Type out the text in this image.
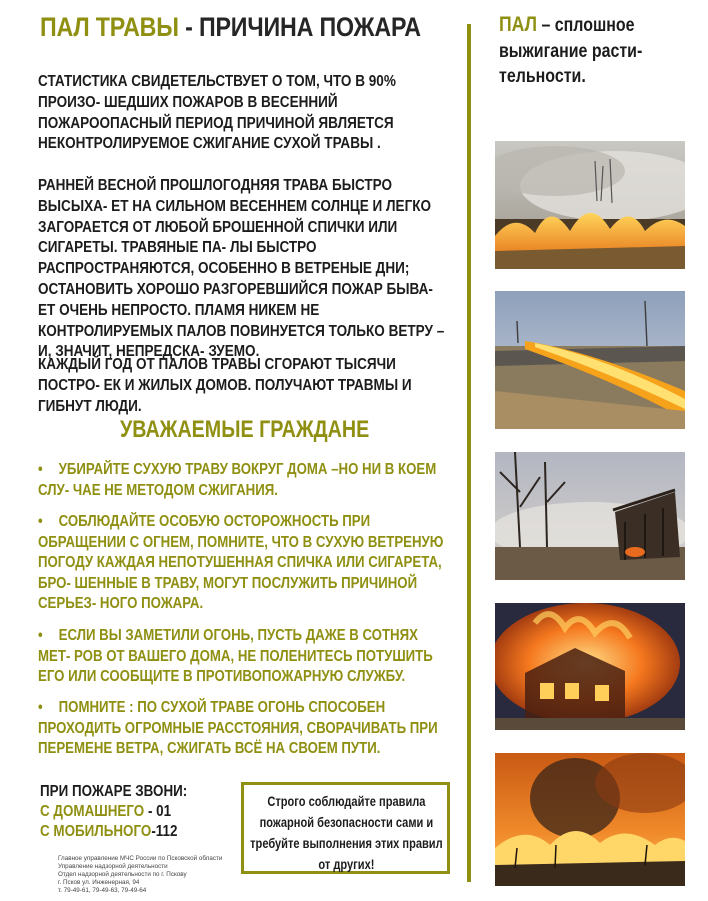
ПАЛ ТРАВЫ - ПРИЧИНА ПОЖАРА
СТАТИСТИКА СВИДЕТЕЛЬСТВУЕТ О ТОМ, ЧТО В 90% ПРОИЗО- ШЕДШИХ ПОЖАРОВ В ВЕСЕННИЙ ПОЖАРООПАСНЫЙ ПЕРИОД ПРИЧИНОЙ ЯВЛЯЕТСЯ НЕКОНТРОЛИРУЕМОЕ СЖИГАНИЕ СУХОЙ ТРАВЫ .
РАННЕЙ ВЕСНОЙ ПРОШЛОГОДНЯЯ ТРАВА БЫСТРО ВЫСЫХА- ЕТ НА СИЛЬНОМ ВЕСЕННЕМ СОЛНЦЕ И ЛЕГКО ЗАГОРАЕТСЯ ОТ ЛЮБОЙ БРОШЕННОЙ СПИЧКИ ИЛИ СИГАРЕТЫ. ТРАВЯНЫЕ ПА- ЛЫ БЫСТРО РАСПРОСТРАНЯЮТСЯ, ОСОБЕННО В ВЕТРЕНЫЕ ДНИ; ОСТАНОВИТЬ ХОРОШО РАЗГОРЕВШИЙСЯ ПОЖАР БЫВА- ЕТ ОЧЕНЬ НЕПРОСТО. ПЛАМЯ НИКЕМ НЕ КОНТРОЛИРУЕМЫХ ПАЛОВ ПОВИНУЕТСЯ ТОЛЬКО ВЕТРУ – И, ЗНАЧИТ, НЕПРЕДСКА- ЗУЕМО.
КАЖДЫЙ ГОД ОТ ПАЛОВ ТРАВЫ СГОРАЮТ ТЫСЯЧИ ПОСТРО- ЕК И ЖИЛЫХ ДОМОВ. ПОЛУЧАЮТ ТРАВМЫ И ГИБНУТ ЛЮДИ.
УВАЖАЕМЫЕ ГРАЖДАНЕ
• УБИРАЙТЕ СУХУЮ ТРАВУ ВОКРУГ ДОМА –НО НИ В КОЕМ СЛУ- ЧАЕ НЕ МЕТОДОМ СЖИГАНИЯ.
• СОБЛЮДАЙТЕ ОСОБУЮ ОСТОРОЖНОСТЬ ПРИ ОБРАЩЕНИИ С ОГНЕМ, ПОМНИТЕ, ЧТО В СУХУЮ ВЕТРЕНУЮ ПОГОДУ КАЖДАЯ НЕПОТУШЕННАЯ СПИЧКА ИЛИ СИГАРЕТА, БРО- ШЕННЫЕ В ТРАВУ, МОГУТ ПОСЛУЖИТЬ ПРИЧИНОЙ СЕРЬЕЗ- НОГО ПОЖАРА.
• ЕСЛИ ВЫ ЗАМЕТИЛИ ОГОНЬ, ПУСТЬ ДАЖЕ В СОТНЯХ МЕТ- РОВ ОТ ВАШЕГО ДОМА, НЕ ПОЛЕНИТЕСЬ ПОТУШИТЬ ЕГО ИЛИ СООБЩИТЕ В ПРОТИВОПОЖАРНУЮ СЛУЖБУ.
• ПОМНИТЕ : ПО СУХОЙ ТРАВЕ ОГОНЬ СПОСОБЕН ПРОХОДИТЬ ОГРОМНЫЕ РАССТОЯНИЯ, СВОРАЧИВАТЬ ПРИ ПЕРЕМЕНЕ ВЕТРА, СЖИГАТЬ ВСЁ НА СВОЕМ ПУТИ.
ПРИ ПОЖАРЕ ЗВОНИ:
С ДОМАШНЕГО - 01
С МОБИЛЬНОГО-112
Главное управление МЧС России по Псковской области
Управление надзорной деятельности
Отдел надзорной деятельности по г. Пскову
г. Псков ул. Инженерная, 94
т. 79-49-61, 79-49-63, 79-49-64
Строго соблюдайте правила пожарной безопасности сами и требуйте выполнения этих правил от других!
ПАЛ – сплошное выжигание расти- тельности.
